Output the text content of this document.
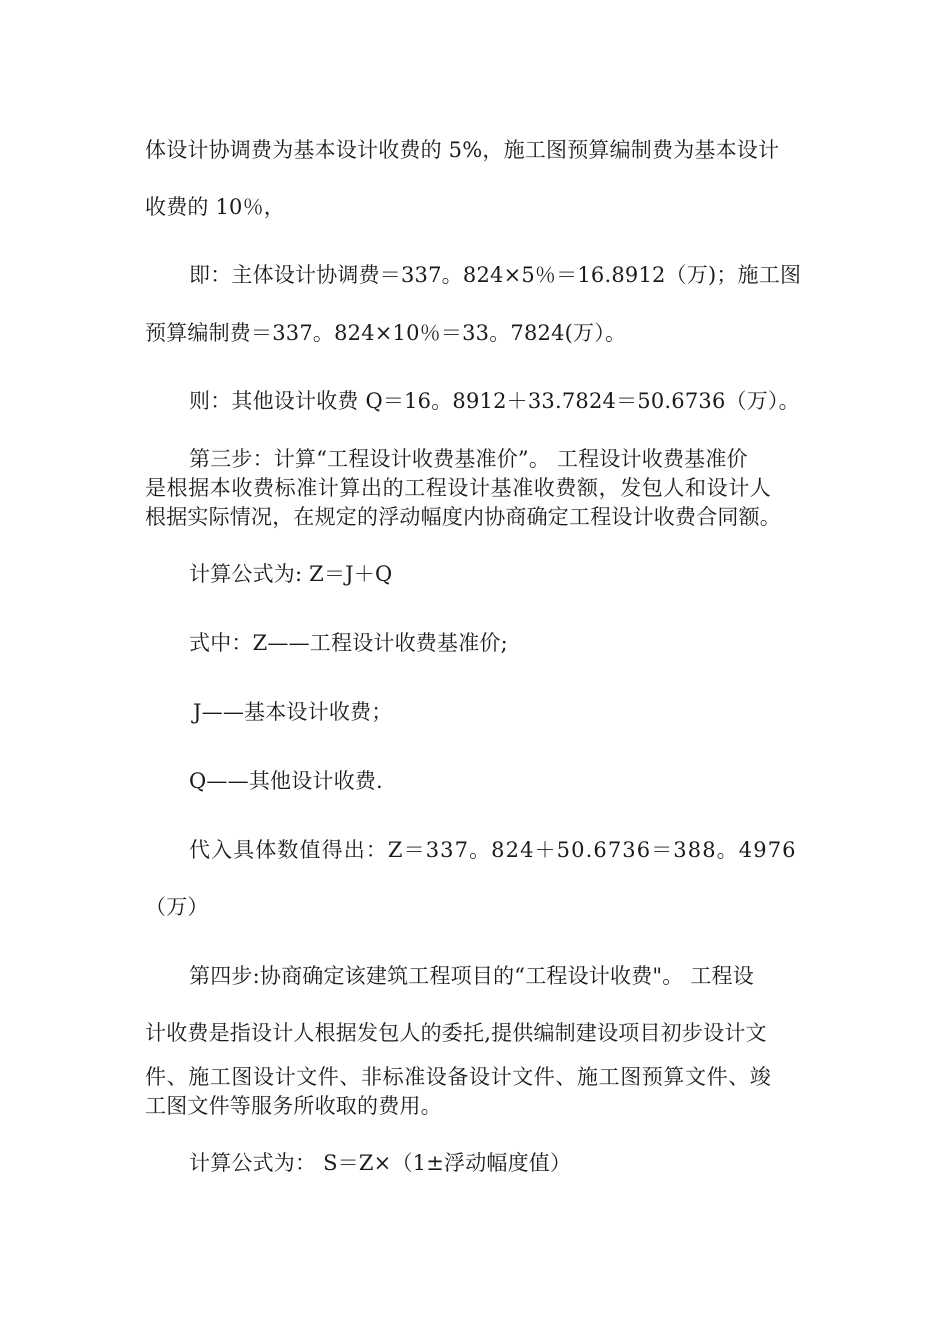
体设计协调费为基本设计收费的 5%，施工图预算编制费为基本设计
收费的 10％，
即：主体设计协调费＝337。824×5％＝16.8912（万)；施工图
预算编制费＝337。824×10％＝33。7824(万）。
则：其他设计收费 Q＝16。8912＋33.7824＝50.6736（万）。
第三步：计算“工程设计收费基准价”。 工程设计收费基准价
是根据本收费标准计算出的工程设计基准收费额，发包人和设计人
根据实际情况，在规定的浮动幅度内协商确定工程设计收费合同额。
计算公式为: Z＝J＋Q
式中：Z——工程设计收费基准价;
J——基本设计收费；
Q——其他设计收费.
代入具体数值得出：Z＝337。824＋50.6736＝388。4976
（万）
第四步:协商确定该建筑工程项目的“工程设计收费"。 工程设
计收费是指设计人根据发包人的委托,提供编制建设项目初步设计文
件、施工图设计文件、非标准设备设计文件、施工图预算文件、竣
工图文件等服务所收取的费用。
计算公式为： S＝Z×（1±浮动幅度值）
